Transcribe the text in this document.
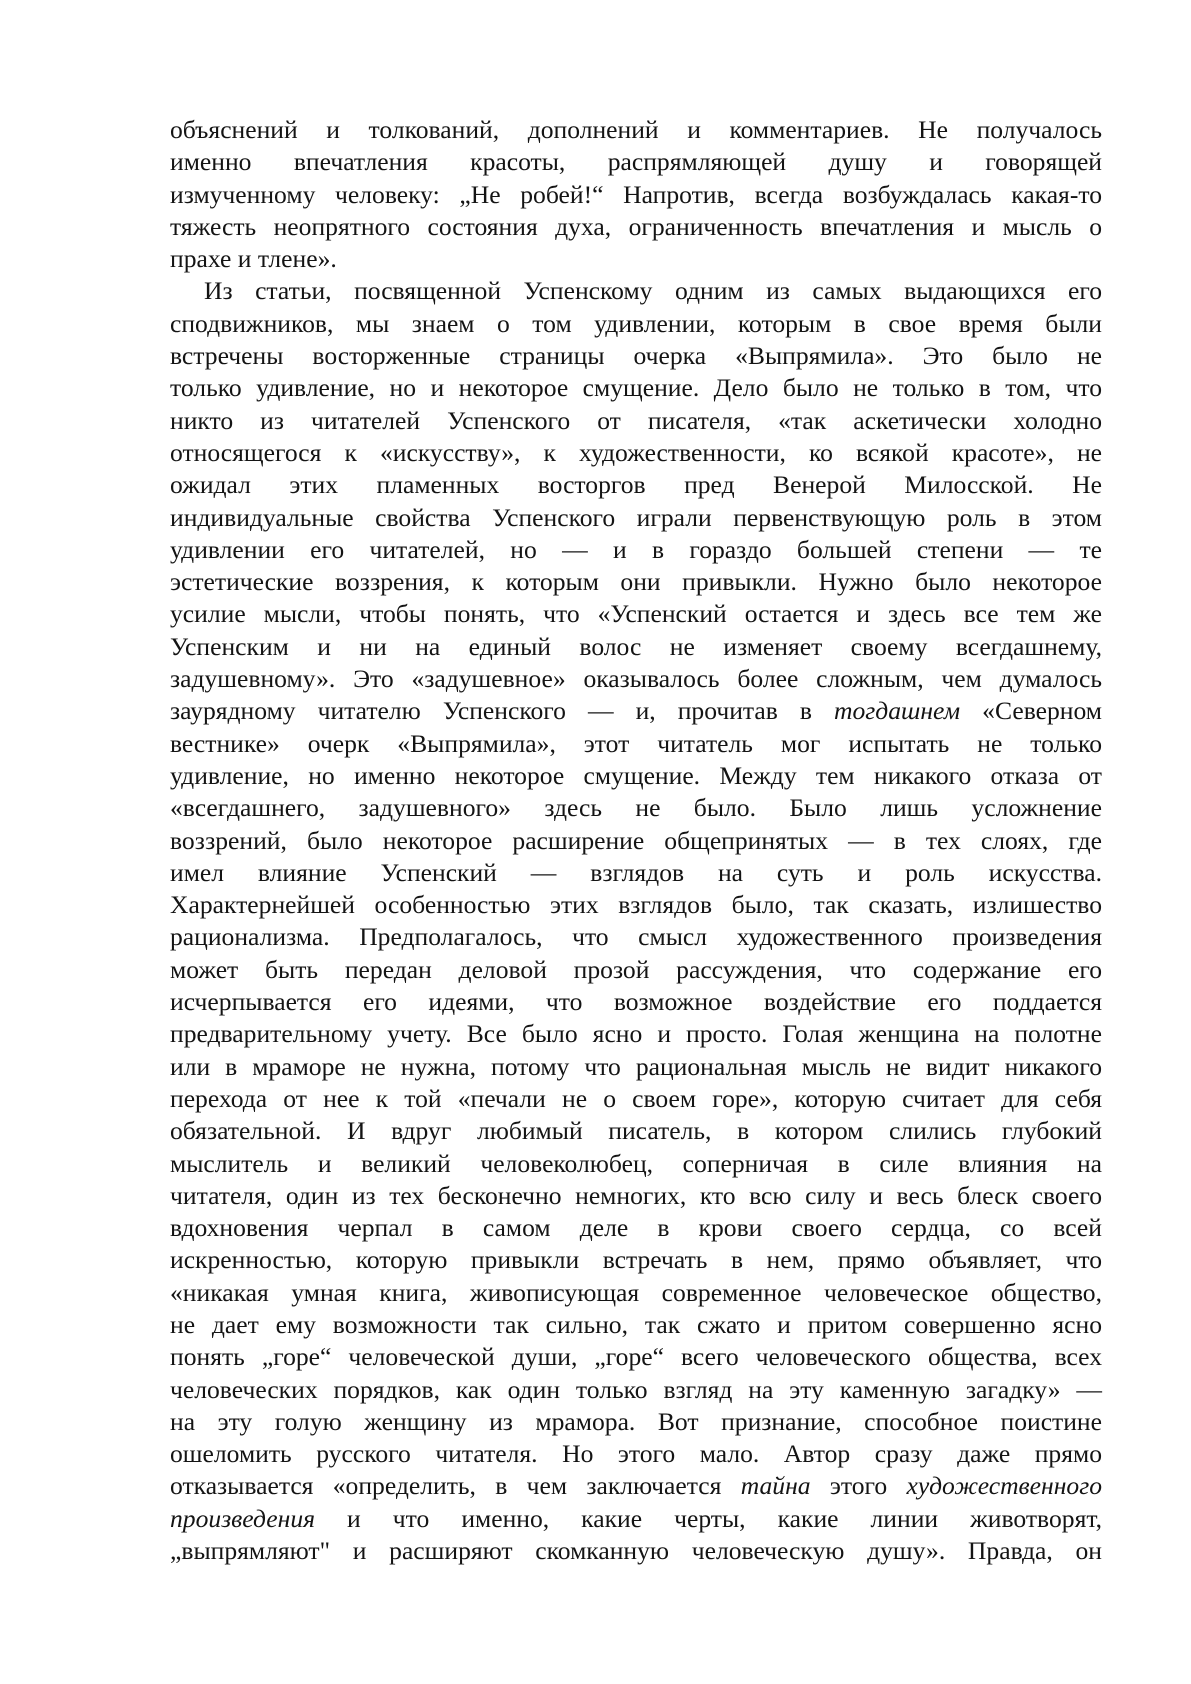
объяснений и толкований, дополнений и комментариев. Не получалось
именно впечатления красоты, распрямляющей душу и говорящей
измученному человеку: „Не робей!“ Напротив, всегда возбуждалась какая-то
тяжесть неопрятного состояния духа, ограниченность впечатления и мысль о
прахе и тлене».
Из статьи, посвященной Успенскому одним из самых выдающихся его
сподвижников, мы знаем о том удивлении, которым в свое время были
встречены восторженные страницы очерка «Выпрямила». Это было не
только удивление, но и некоторое смущение. Дело было не только в том, что
никто из читателей Успенского от писателя, «так аскетически холодно
относящегося к «искусству», к художественности, ко всякой красоте», не
ожидал этих пламенных восторгов пред Венерой Милосской. Не
индивидуальные свойства Успенского играли первенствующую роль в этом
удивлении его читателей, но — и в гораздо большей степени — те
эстетические воззрения, к которым они привыкли. Нужно было некоторое
усилие мысли, чтобы понять, что «Успенский остается и здесь все тем же
Успенским и ни на единый волос не изменяет своему всегдашнему,
задушевному». Это «задушевное» оказывалось более сложным, чем думалось
заурядному читателю Успенского — и, прочитав в тогдашнем «Северном
вестнике» очерк «Выпрямила», этот читатель мог испытать не только
удивление, но именно некоторое смущение. Между тем никакого отказа от
«всегдашнего, задушевного» здесь не было. Было лишь усложнение
воззрений, было некоторое расширение общепринятых — в тех слоях, где
имел влияние Успенский — взглядов на суть и роль искусства.
Характернейшей особенностью этих взглядов было, так сказать, излишество
рационализма. Предполагалось, что смысл художественного произведения
может быть передан деловой прозой рассуждения, что содержание его
исчерпывается его идеями, что возможное воздействие его поддается
предварительному учету. Все было ясно и просто. Голая женщина на полотне
или в мраморе не нужна, потому что рациональная мысль не видит никакого
перехода от нее к той «печали не о своем горе», которую считает для себя
обязательной. И вдруг любимый писатель, в котором слились глубокий
мыслитель и великий человеколюбец, соперничая в силе влияния на
читателя, один из тех бесконечно немногих, кто всю силу и весь блеск своего
вдохновения черпал в самом деле в крови своего сердца, со всей
искренностью, которую привыкли встречать в нем, прямо объявляет, что
«никакая умная книга, живописующая современное человеческое общество,
не дает ему возможности так сильно, так сжато и притом совершенно ясно
понять „горе“ человеческой души, „горе“ всего человеческого общества, всех
человеческих порядков, как один только взгляд на эту каменную загадку» —
на эту голую женщину из мрамора. Вот признание, способное поистине
ошеломить русского читателя. Но этого мало. Автор сразу даже прямо
отказывается «определить, в чем заключается тайна этого художественного
произведения и что именно, какие черты, какие линии животворят,
„выпрямляют" и расширяют скомканную человеческую душу». Правда, он
